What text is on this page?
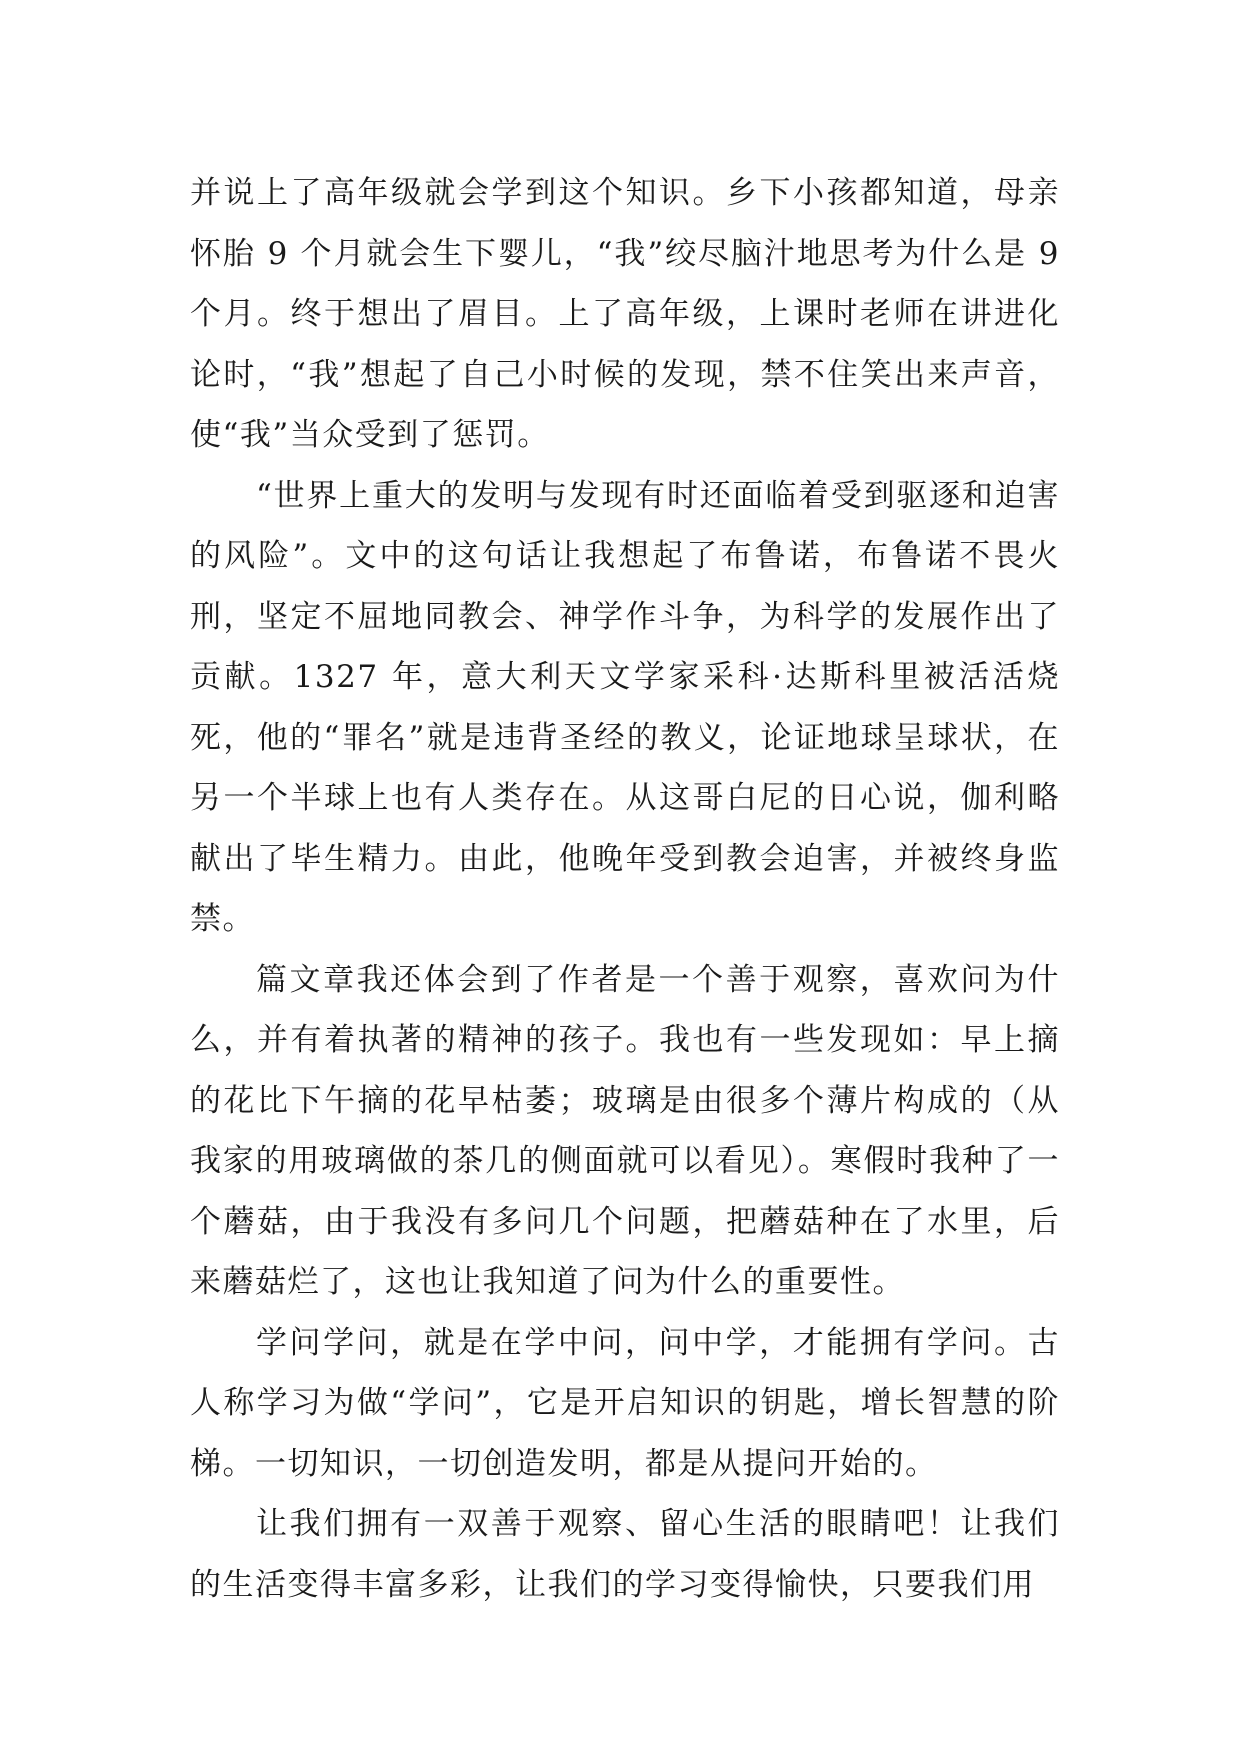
并说上了高年级就会学到这个知识。乡下小孩都知道，母亲怀胎 9 个月就会生下婴儿，“我”绞尽脑汁地思考为什么是 9 个月。终于想出了眉目。上了高年级，上课时老师在讲进化论时，“我”想起了自己小时候的发现，禁不住笑出来声音，使“我”当众受到了惩罚。

“世界上重大的发明与发现有时还面临着受到驱逐和迫害的风险”。文中的这句话让我想起了布鲁诺，布鲁诺不畏火刑，坚定不屈地同教会、神学作斗争，为科学的发展作出了贡献。1327 年，意大利天文学家采科·达斯科里被活活烧死，他的“罪名”就是违背圣经的教义，论证地球呈球状，在另一个半球上也有人类存在。从这哥白尼的日心说，伽利略献出了毕生精力。由此，他晚年受到教会迫害，并被终身监禁。

篇文章我还体会到了作者是一个善于观察，喜欢问为什么，并有着执著的精神的孩子。我也有一些发现如：早上摘的花比下午摘的花早枯萎；玻璃是由很多个薄片构成的（从我家的用玻璃做的茶几的侧面就可以看见）。寒假时我种了一个蘑菇，由于我没有多问几个问题，把蘑菇种在了水里，后来蘑菇烂了，这也让我知道了问为什么的重要性。

学问学问，就是在学中问，问中学，才能拥有学问。古人称学习为做“学问”，它是开启知识的钥匙，增长智慧的阶梯。一切知识，一切创造发明，都是从提问开始的。

让我们拥有一双善于观察、留心生活的眼睛吧！让我们的生活变得丰富多彩，让我们的学习变得愉快，只要我们用
